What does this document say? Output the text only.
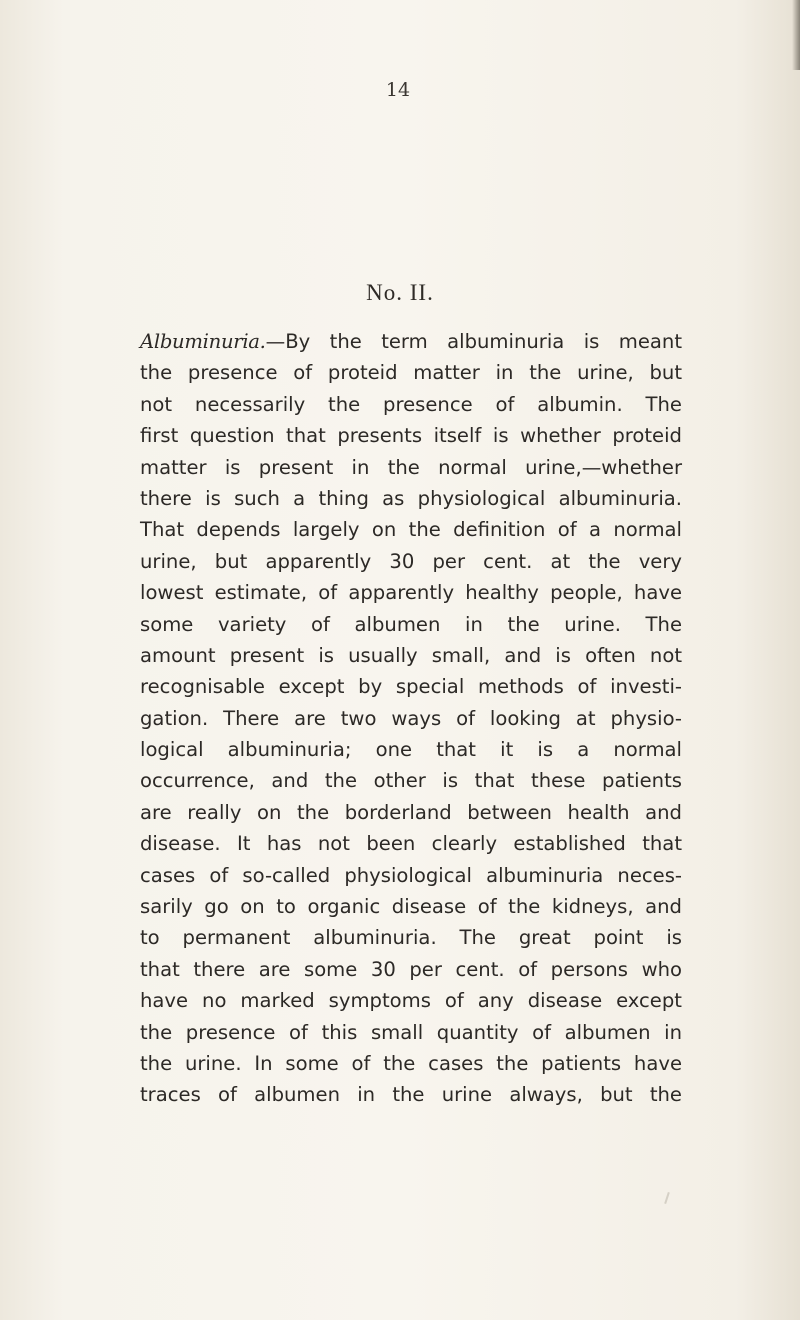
14
No. II.
Albuminuria.—By the term albuminuria is meant
the presence of proteid matter in the urine, but
not necessarily the presence of albumin. The
first question that presents itself is whether proteid
matter is present in the normal urine,—whether
there is such a thing as physiological albuminuria.
That depends largely on the definition of a normal
urine, but apparently 30 per cent. at the very
lowest estimate, of apparently healthy people, have
some variety of albumen in the urine. The
amount present is usually small, and is often not
recognisable except by special methods of investi-
gation. There are two ways of looking at physio-
logical albuminuria; one that it is a normal
occurrence, and the other is that these patients
are really on the borderland between health and
disease. It has not been clearly established that
cases of so-called physiological albuminuria neces-
sarily go on to organic disease of the kidneys, and
to permanent albuminuria. The great point is
that there are some 30 per cent. of persons who
have no marked symptoms of any disease except
the presence of this small quantity of albumen in
the urine. In some of the cases the patients have
traces of albumen in the urine always, but the
